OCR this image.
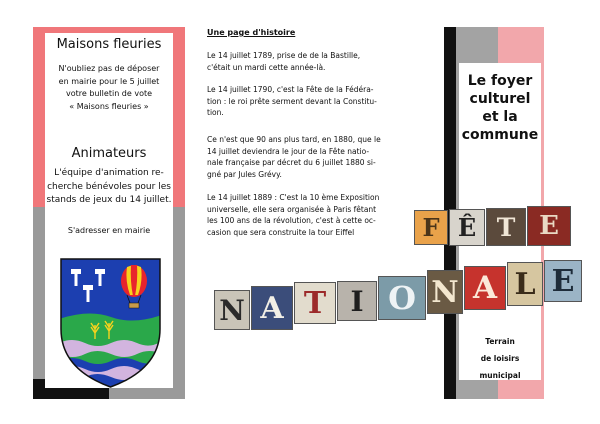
Maisons fleuries
N'oubliez pas de déposer
en mairie pour le 5 juillet
votre bulletin de vote
« Maisons fleuries »
Animateurs
L'équipe d'animation re-
cherche bénévoles pour les
stands de jeux du 14 juillet.
S'adresser en mairie
Une page d'histoire
Le 14 juillet 1789, prise de de la Bastille,
c'était un mardi cette année-là.
Le 14 juillet 1790, c'est la Fête de la Fédéra-
tion : le roi prête serment devant la Constitu-
tion.
Ce n'est que 90 ans plus tard, en 1880, que le
14 juillet deviendra le jour de la Fête natio-
nale française par décret du 6 juillet 1880 si-
gné par Jules Grévy.
Le 14 juillet 1889 : C'est la 10 ème Exposition
universelle, elle sera organisée à Paris fêtant
les 100 ans de la révolution, c'est à cette oc-
casion que sera construite la tour Eiffel
Le foyer
culturel
et la
commune
Terrain
de loisirs
municipal
F Ê T E
N A T I O N A L E
